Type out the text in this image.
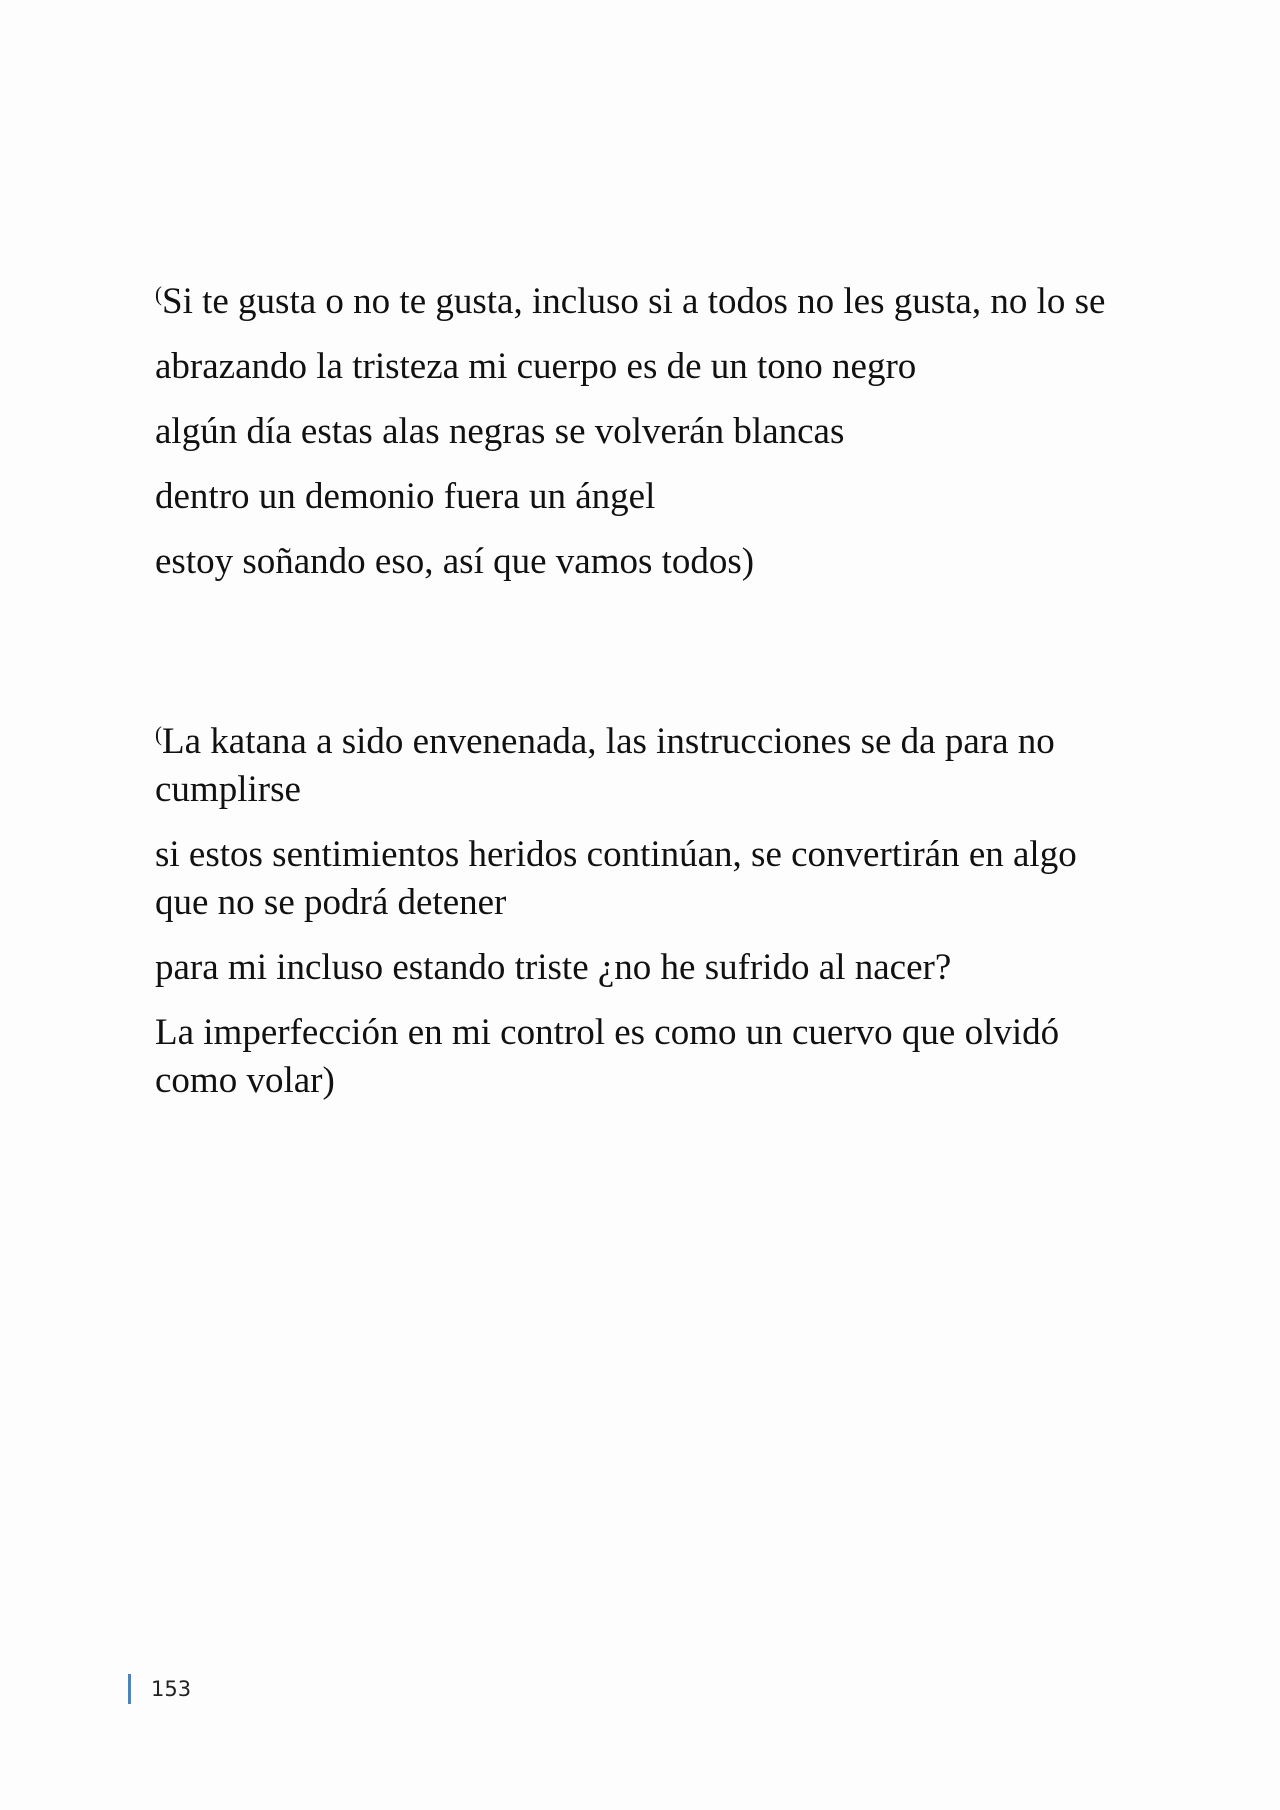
(Si te gusta o no te gusta, incluso si a todos no les gusta, no lo se

abrazando la tristeza mi cuerpo es de un tono negro

algún día estas alas negras se volverán blancas

dentro un demonio fuera un ángel

estoy soñando eso, así que vamos todos)

(La katana a sido envenenada, las instrucciones se da para no cumplirse

si estos sentimientos heridos continúan, se convertirán en algo que no se podrá detener

para mi incluso estando triste ¿no he sufrido al nacer?

La imperfección en mi control es como un cuervo que olvidó como volar)

153
